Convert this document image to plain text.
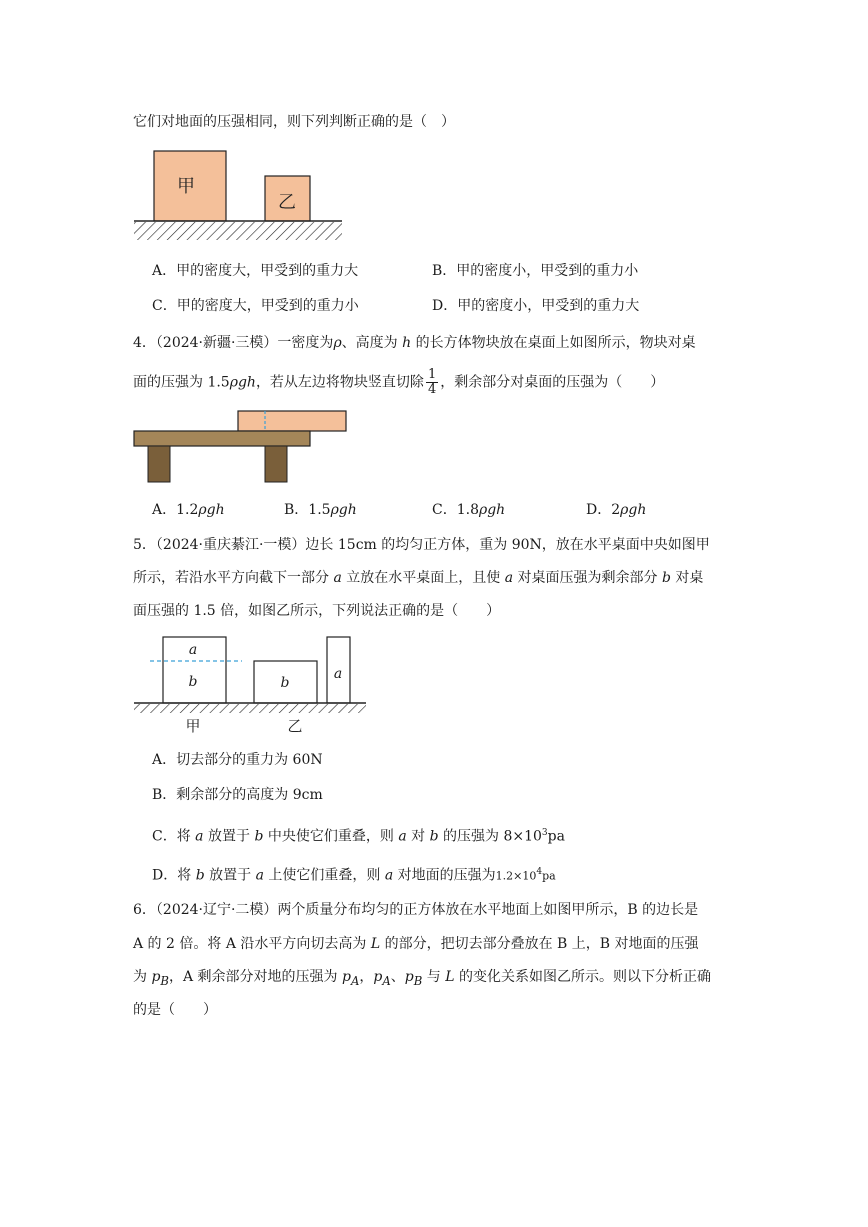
它们对地面的压强相同，则下列判断正确的是（　）
甲
乙
A．甲的密度大，甲受到的重力大	B．甲的密度小，甲受到的重力小
C．甲的密度大，甲受到的重力小	D．甲的密度小，甲受到的重力大
4．（2024·新疆·三模）一密度为ρ、高度为 h 的长方体物块放在桌面上如图所示，物块对桌
面的压强为 1.5ρgh，若从左边将物块竖直切除 $\frac{1}{4}$ ，剩余部分对桌面的压强为（　　）
A．1.2ρgh	B．1.5ρgh	C．1.8ρgh	D．2ρgh
5．（2024·重庆綦江·一模）边长 15cm 的均匀正方体，重为 90N，放在水平桌面中央如图甲
所示，若沿水平方向截下一部分 a 立放在水平桌面上，且使 a 对桌面压强为剩余部分 b 对桌
面压强的 1.5 倍，如图乙所示，下列说法正确的是（　　）
a
b	b
a
甲	乙
A．切去部分的重力为 60N
B．剩余部分的高度为 9cm
C．将 a 放置于 b 中央使它们重叠，则 a 对 b 的压强为 $8\times 10^3pa$
D．将 b 放置于 a 上使它们重叠，则 a 对地面的压强为$1.2\times 10^4pa$
6．（2024·辽宁·二模）两个质量分布均匀的正方体放在水平地面上如图甲所示，B 的边长是
A 的 2 倍。将 A 沿水平方向切去高为 L 的部分，把切去部分叠放在 B 上，B 对地面的压强
为 $p_B$，A 剩余部分对地的压强为 $p_A$，$p_A$、$p_B$ 与 L 的变化关系如图乙所示。则以下分析正确
的是（　　）
